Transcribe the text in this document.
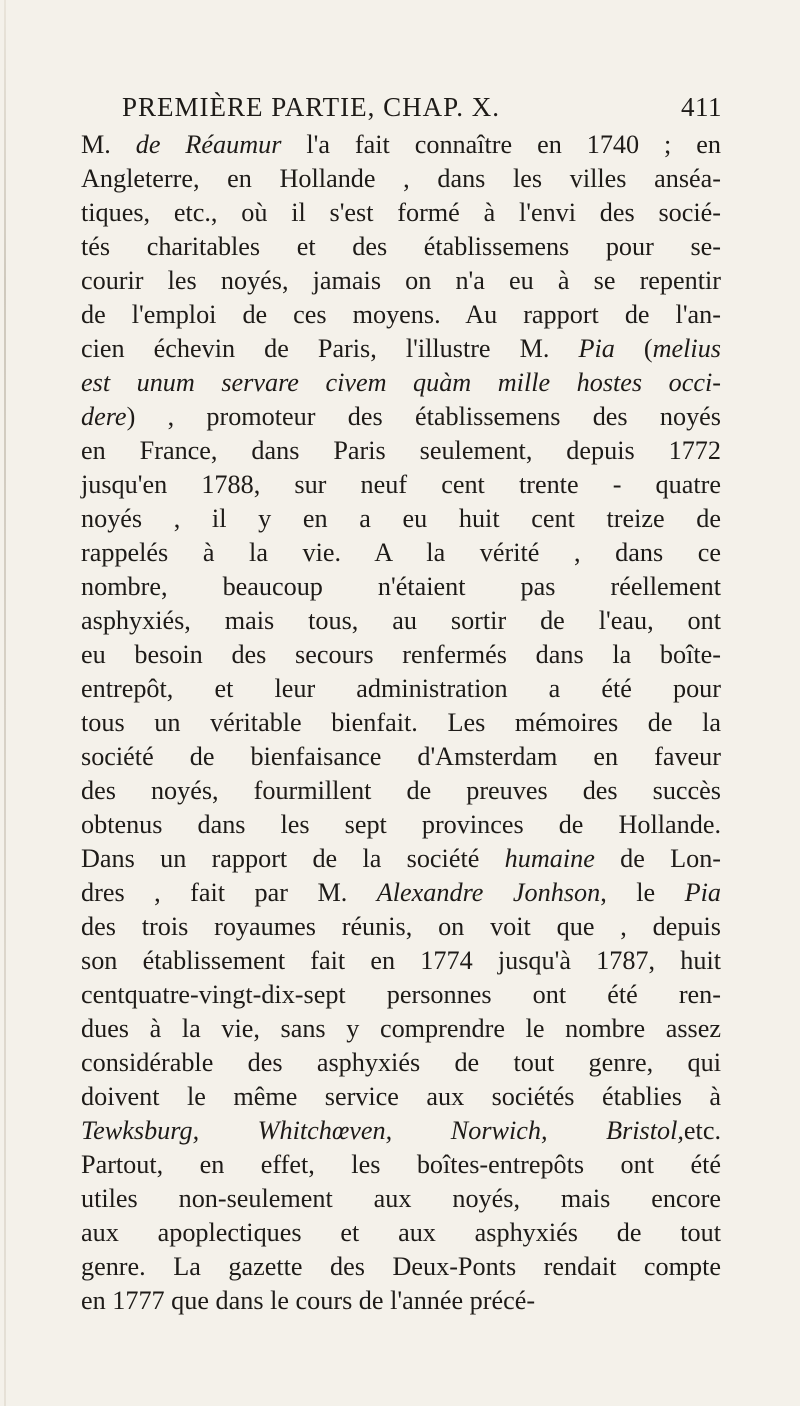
PREMIÈRE PARTIE, CHAP. X.	411
M. de Réaumur l'a fait connaître en 1740 ; en
Angleterre, en Hollande , dans les villes anséa-
tiques, etc., où il s'est formé à l'envi des socié-
tés charitables et des établissemens pour se-
courir les noyés, jamais on n'a eu à se repentir
de l'emploi de ces moyens. Au rapport de l'an-
cien échevin de Paris, l'illustre M. Pia (melius
est unum servare civem quàm mille hostes occi-
dere) , promoteur des établissemens des noyés
en France, dans Paris seulement, depuis 1772
jusqu'en 1788, sur neuf cent trente - quatre
noyés , il y en a eu huit cent treize de
rappelés à la vie. A la vérité , dans ce
nombre, beaucoup n'étaient pas réellement
asphyxiés, mais tous, au sortir de l'eau, ont
eu besoin des secours renfermés dans la boîte-
entrepôt, et leur administration a été pour
tous un véritable bienfait. Les mémoires de la
société de bienfaisance d'Amsterdam en faveur
des noyés, fourmillent de preuves des succès
obtenus dans les sept provinces de Hollande.
Dans un rapport de la société humaine de Lon-
dres , fait par M. Alexandre Jonhson, le Pia
des trois royaumes réunis, on voit que , depuis
son établissement fait en 1774 jusqu'à 1787, huit
centquatre-vingt-dix-sept personnes ont été ren-
dues à la vie, sans y comprendre le nombre assez
considérable des asphyxiés de tout genre, qui
doivent le même service aux sociétés établies à
Tewksburg, Whitchœven, Norwich, Bristol,etc.
Partout, en effet, les boîtes-entrepôts ont été
utiles non-seulement aux noyés, mais encore
aux apoplectiques et aux asphyxiés de tout
genre. La gazette des Deux-Ponts rendait compte
en 1777 que dans le cours de l'année précé-
